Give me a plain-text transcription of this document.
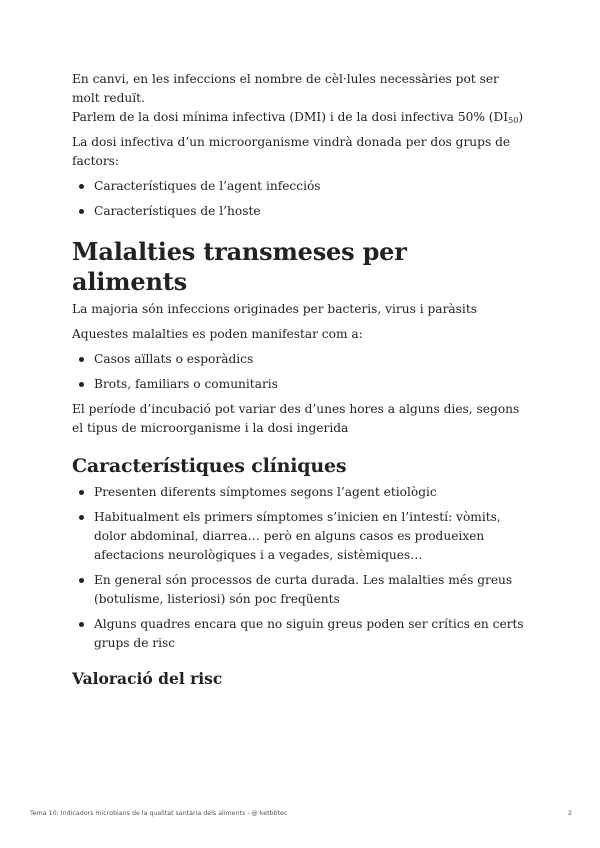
En canvi, en les infeccions el nombre de cèl·lules necessàries pot ser molt reduït.
Parlem de la dosi mínima infectiva (DMI) i de la dosi infectiva 50% $(DI_{50})$

La dosi infectiva d’un microorganisme vindrà donada per dos grups de factors:

Característiques de l’agent infecciós
Característiques de l’hoste
Malalties transmeses per aliments

La majoria són infeccions originades per bacteris, virus i paràsits

Aquestes malalties es poden manifestar com a:

Casos aïllats o esporàdics
Brots, familiars o comunitaris

El període d’incubació pot variar des d’unes hores a alguns dies, segons el tipus de microorganisme i la dosi ingerida

Característiques clíniques
Presenten diferents símptomes segons l’agent etiològic
Habitualment els primers símptomes s’inicien en l’intestí: vòmits, dolor abdominal, diarrea… però en alguns casos es produeixen afectacions neurològiques i a vegades, sistèmiques…
En general són processos de curta durada. Les malalties més greus (botulisme, listeriosi) són poc freqüents
Alguns quadres encara que no siguin greus poden ser crítics en certs grups de risc
Valoració del risc
Tema 10: Indicadors microbians de la qualitat santària dels aliments - @ ketbbtec	2
